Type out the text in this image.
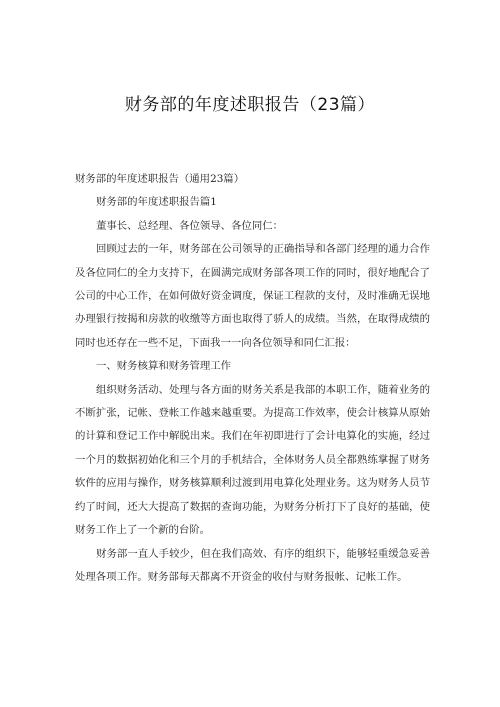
财务部的年度述职报告（23篇）

财务部的年度述职报告（通用23篇）

财务部的年度述职报告篇1

董事长、总经理、各位领导、各位同仁：

回顾过去的一年，财务部在公司领导的正确指导和各部门经理的通力合作及各位同仁的全力支持下，在圆满完成财务部各项工作的同时，很好地配合了公司的中心工作，在如何做好资金调度，保证工程款的支付，及时准确无误地办理银行按揭和房款的收缴等方面也取得了骄人的成绩。当然，在取得成绩的同时也还存在一些不足，下面我一一向各位领导和同仁汇报：

一、财务核算和财务管理工作

组织财务活动、处理与各方面的财务关系是我部的本职工作，随着业务的不断扩张，记帐、登帐工作越来越重要。为提高工作效率，使会计核算从原始的计算和登记工作中解脱出来。我们在年初即进行了会计电算化的实施，经过一个月的数据初始化和三个月的手机结合，全体财务人员全都熟练掌握了财务软件的应用与操作，财务核算顺利过渡到用电算化处理业务。这为财务人员节约了时间，还大大提高了数据的查询功能，为财务分析打下了良好的基础，使财务工作上了一个新的台阶。

财务部一直人手较少，但在我们高效、有序的组织下，能够轻重缓急妥善处理各项工作。财务部每天都离不开资金的收付与财务报帐、记帐工作。
